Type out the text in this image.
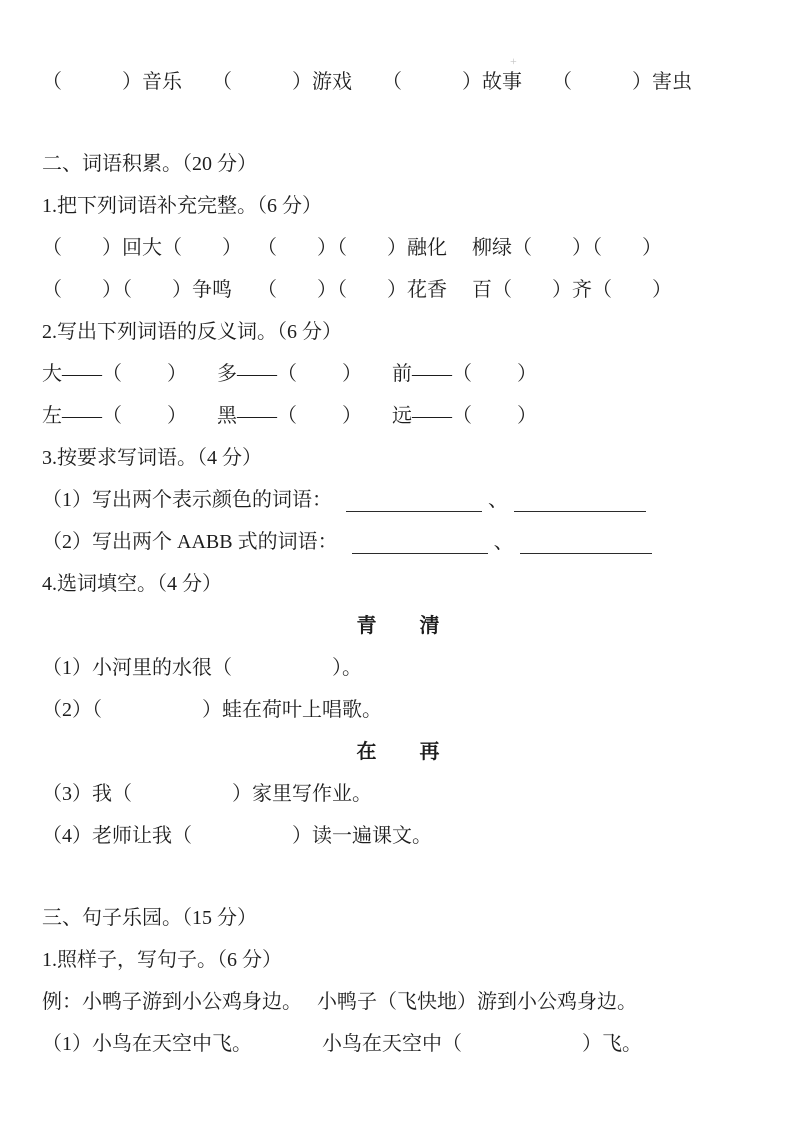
+
（　　　）音乐　  （　　　）游戏　  （　　　）故事　  （　　　）害虫
二、词语积累。（20 分）
1.把下列词语补充完整。（6 分）
（　　）回大（　　）　 （　　）（　　）融化　 柳绿（　　）（　　）
（　　）（　　）争鸣　 （　　）（　　）花香　 百（　　）齐（　　）
2.写出下列词语的反义词。（6 分）
大——（　　 ）　　多——（　　 ）　　前——（　　 ）
左——（　　 ）　　黑——（　　 ）　　远——（　　 ）
3.按要求写词语。（4 分）
（1）写出两个表示颜色的词语：	、
（2）写出两个 AABB 式的词语：	、
4.选词填空。（4 分）
青　　清
（1）小河里的水很（　　　　　）。
（2）（　　　　　）蛙在荷叶上唱歌。
在　　再
（3）我（　　　　　）家里写作业。
（4）老师让我（　　　　　）读一遍课文。
三、句子乐园。（15 分）
1.照样子，写句子。（6 分）
例：小鸭子游到小公鸡身边。　 小鸭子（飞快地）游到小公鸡身边。
（1）小鸟在天空中飞。　　　　小鸟在天空中（　　　　　　）飞。
